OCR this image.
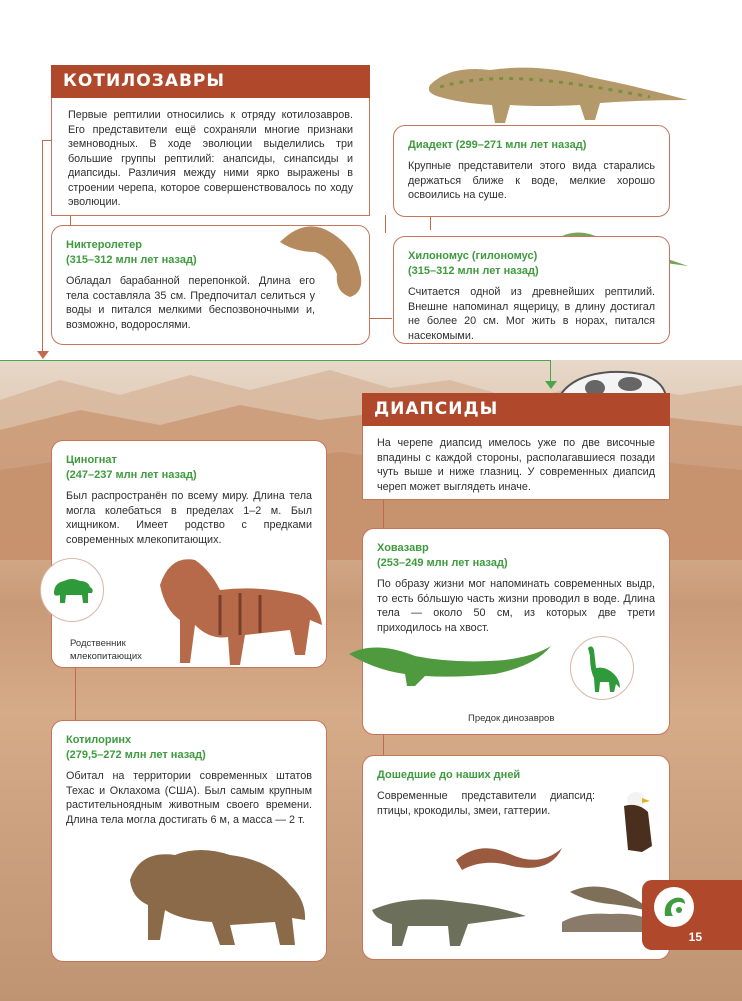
КОТИЛОЗАВРЫ

Первые рептилии относились к отряду котилозавров. Его представители ещё сохраняли многие признаки земноводных. В ходе эволюции выделились три большие группы рептилий: анапсиды, синапсиды и диапсиды. Различия между ними ярко выражены в строении черепа, которое совершенствовалось по ходу эволюции.

Диадект (299–271 млн лет назад)

Крупные представители этого вида старались держаться ближе к воде, мелкие хорошо освоились на суше.

Никтеролетер
(315–312 млн лет назад)

Обладал барабанной перепонкой. Длина его тела составляла 35 см. Предпочитал селиться у воды и питался мелкими беспозвоночными и, возможно, водорослями.

Хилономус (гилономус)
(315–312 млн лет назад)

Считается одной из древнейших рептилий. Внешне напоминал ящерицу, в длину достигал не более 20 см. Мог жить в норах, питался насекомыми.

ДИАПСИДЫ

На черепе диапсид имелось уже по две височные впадины с каждой стороны, располагавшиеся позади чуть выше и ниже глазниц. У современных диапсид череп может выглядеть иначе.

Циногнат
(247–237 млн лет назад)

Был распространён по всему миру. Длина тела могла колебаться в пределах 1–2 м. Был хищником. Имеет родство с предками современных млекопитающих.

Родственник млекопитающих
Ховазавр
(253–249 млн лет назад)

По образу жизни мог напоминать современных выдр, то есть бо́льшую часть жизни проводил в воде. Длина тела — около 50 см, из которых две трети приходилось на хвост.

Предок динозавров
Котилоринх
(279,5–272 млн лет назад)

Обитал на территории современных штатов Техас и Оклахома (США). Был самым крупным растительноядным животным своего времени. Длина тела могла достигать 6 м, а масса — 2 т.

Дошедшие до наших дней

Современные представители диапсид: птицы, крокодилы, змеи, гаттерии.

15
